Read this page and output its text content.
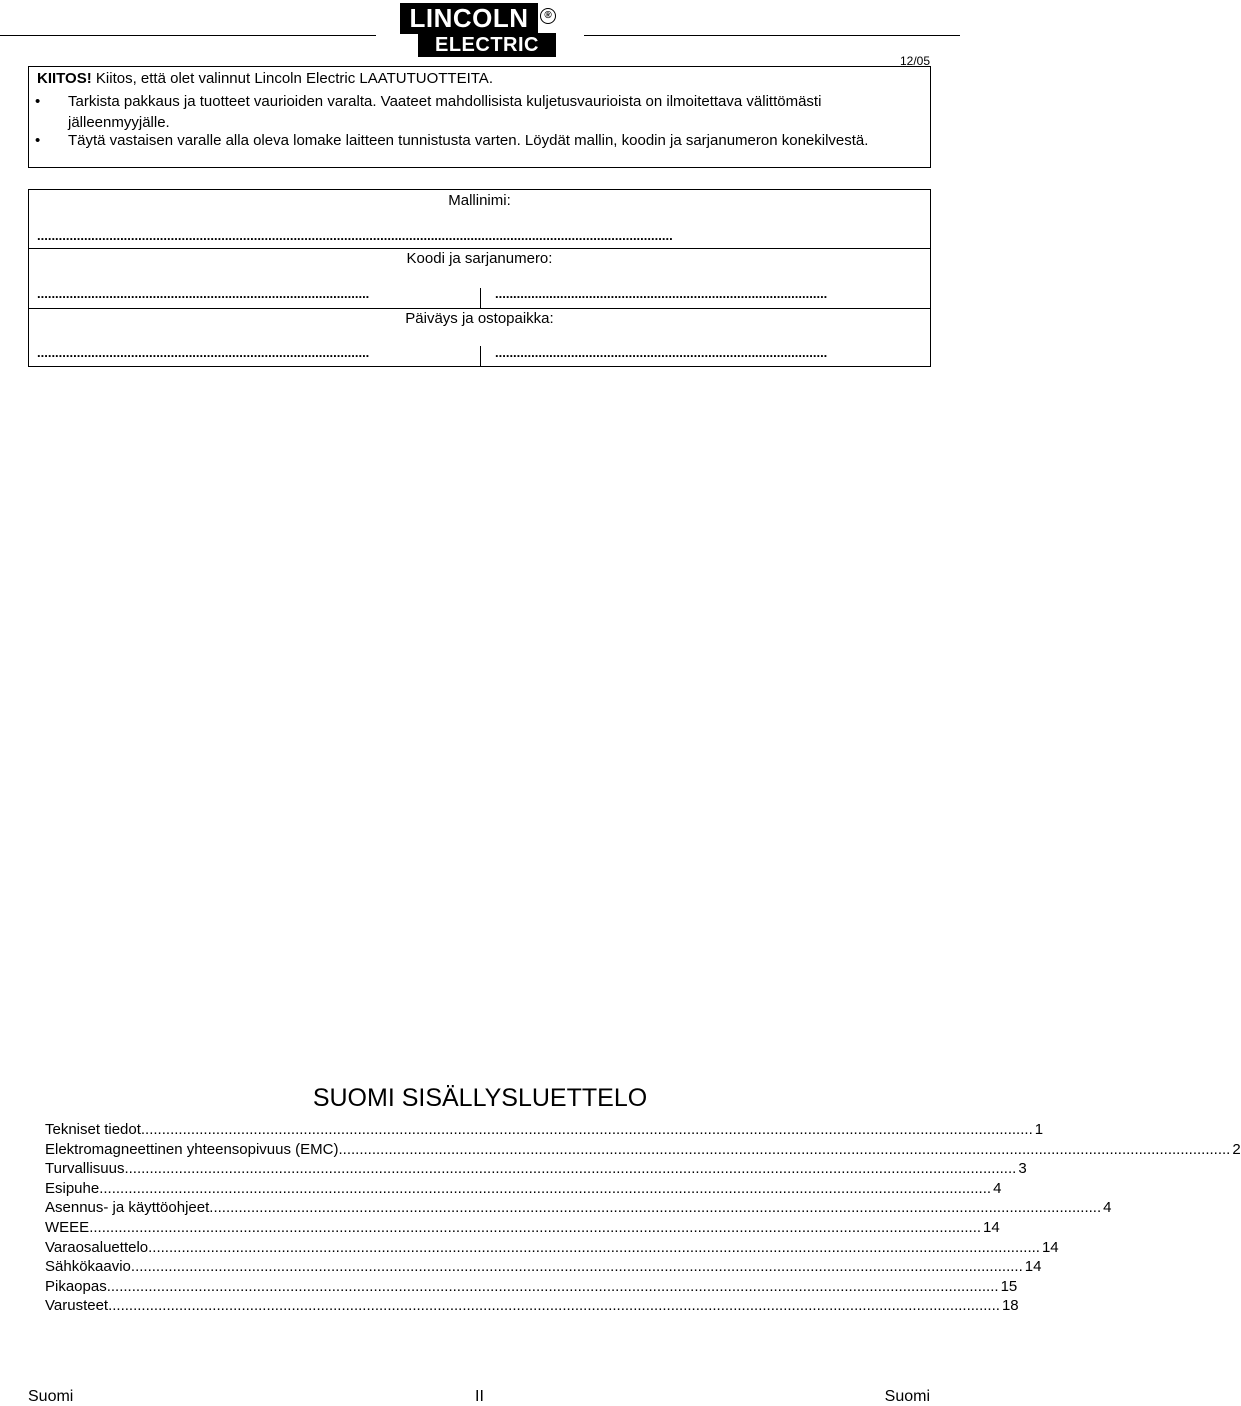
LINCOLN
ELECTRIC
®
12/05
KIITOS! Kiitos, että olet valinnut Lincoln Electric LAATUTUOTTEITA.
• Tarkista pakkaus ja tuotteet vaurioiden varalta. Vaateet mahdollisista kuljetusvaurioista on ilmoitettava välittömästi jälleenmyyjälle.
• Täytä vastaisen varalle alla oleva lomake laitteen tunnistusta varten. Löydät mallin, koodin ja sarjanumeron konekilvestä.
Mallinimi:
................................................................................................................................................................................
Koodi ja sarjanumero:
............................................................................................	............................................................................................
Päiväys ja ostopaikka:
............................................................................................	............................................................................................
SUOMI SISÄLLYSLUETTELO
Tekniset tiedot ...................................................................................................................................................................................................................... 1
Elektromagneettinen yhteensopivuus (EMC) ...................................................................................................................................................................................................................... 2
Turvallisuus ...................................................................................................................................................................................................................... 3
Esipuhe ...................................................................................................................................................................................................................... 4
Asennus- ja käyttöohjeet ...................................................................................................................................................................................................................... 4
WEEE ...................................................................................................................................................................................................................... 14
Varaosaluettelo ...................................................................................................................................................................................................................... 14
Sähkökaavio ...................................................................................................................................................................................................................... 14
Pikaopas ...................................................................................................................................................................................................................... 15
Varusteet ...................................................................................................................................................................................................................... 18
Suomi	II	Suomi
